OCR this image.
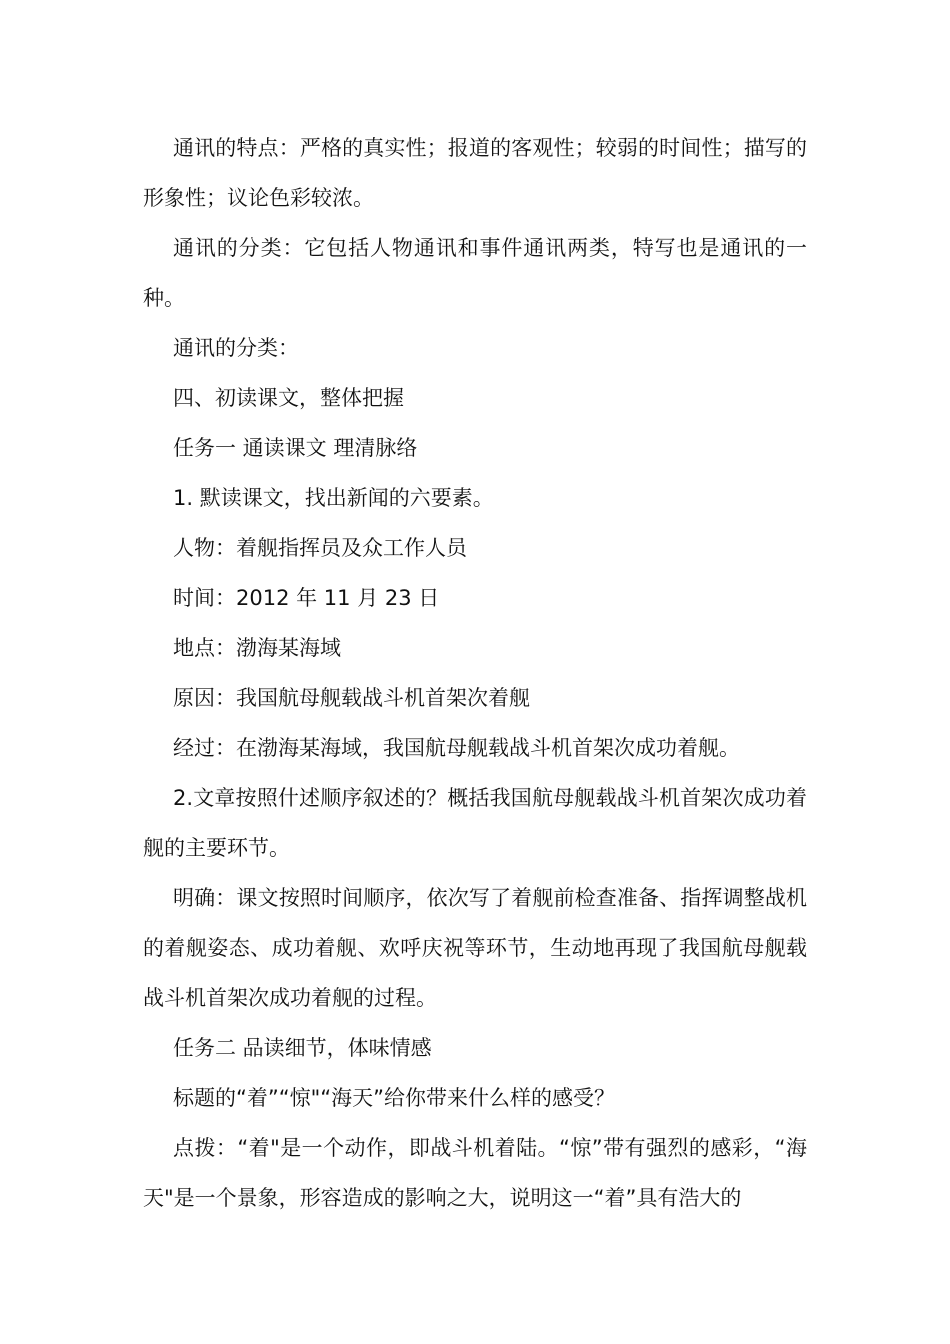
通讯的特点：严格的真实性；报道的客观性；较弱的时间性；描写的形象性；议论色彩较浓。

通讯的分类：它包括人物通讯和事件通讯两类，特写也是通讯的一种。

通讯的分类：

四、初读课文，整体把握

任务一 通读课文 理清脉络

1. 默读课文，找出新闻的六要素。

人物：着舰指挥员及众工作人员

时间：2012 年 11 月 23 日

地点：渤海某海域

原因：我国航母舰载战斗机首架次着舰

经过：在渤海某海域，我国航母舰载战斗机首架次成功着舰。

2.文章按照什述顺序叙述的？概括我国航母舰载战斗机首架次成功着舰的主要环节。

明确：课文按照时间顺序，依次写了着舰前检查准备、指挥调整战机的着舰姿态、成功着舰、欢呼庆祝等环节，生动地再现了我国航母舰载战斗机首架次成功着舰的过程。

任务二 品读细节，体味情感

标题的“着”“惊"“海天”给你带来什么样的感受？

点拨：“着"是一个动作，即战斗机着陆。“惊”带有强烈的感彩，“海天"是一个景象，形容造成的影响之大，说明这一“着”具有浩大的
